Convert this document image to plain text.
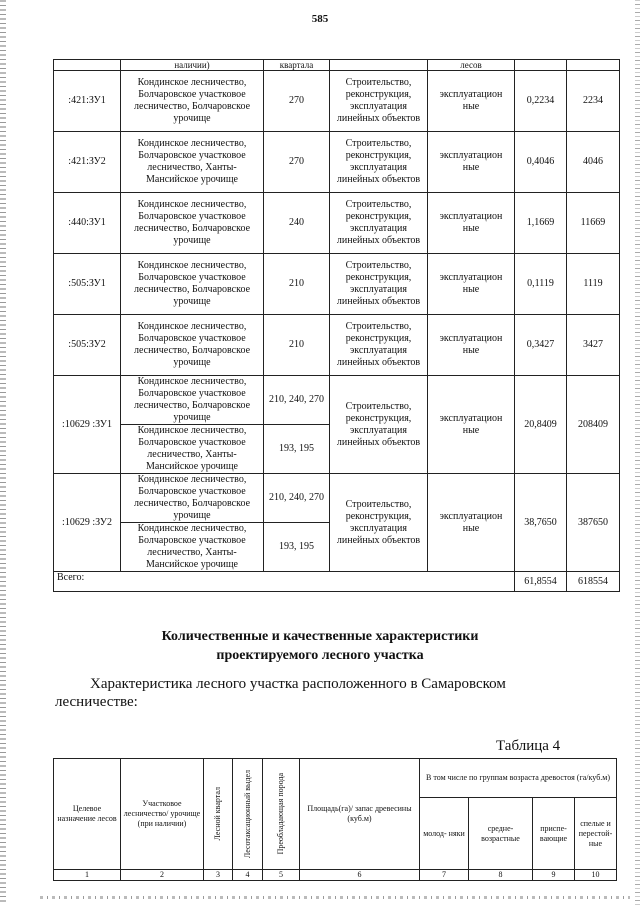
585
	наличии)	квартала		лесов		
:421:ЗУ1	Кондинское лесничество, Болчаровское участковое лесничество, Болчаровское урочище	270	Строительство, реконструкция, эксплуатация линейных объектов	эксплуатацион ные	0,2234	2234
:421:ЗУ2	Кондинское лесничество, Болчаровское участковое лесничество, Ханты-Мансийское урочище	270	Строительство, реконструкция, эксплуатация линейных объектов	эксплуатацион ные	0,4046	4046
:440:ЗУ1	Кондинское лесничество, Болчаровское участковое лесничество, Болчаровское урочище	240	Строительство, реконструкция, эксплуатация линейных объектов	эксплуатацион ные	1,1669	11669
:505:ЗУ1	Кондинское лесничество, Болчаровское участковое лесничество, Болчаровское урочище	210	Строительство, реконструкция, эксплуатация линейных объектов	эксплуатацион ные	0,1119	1119
:505:ЗУ2	Кондинское лесничество, Болчаровское участковое лесничество, Болчаровское урочище	210	Строительство, реконструкция, эксплуатация линейных объектов	эксплуатацион ные	0,3427	3427
:10629 :ЗУ1	Кондинское лесничество, Болчаровское участковое лесничество, Болчаровское урочище	210, 240, 270	Строительство, реконструкция, эксплуатация линейных объектов	эксплуатацион ные	20,8409	208409
	Кондинское лесничество, Болчаровское участковое лесничество, Ханты-Мансийское урочище	193, 195				
:10629 :ЗУ2	Кондинское лесничество, Болчаровское участковое лесничество, Болчаровское урочище	210, 240, 270	Строительство, реконструкция, эксплуатация линейных объектов	эксплуатацион ные	38,7650	387650
	Кондинское лесничество, Болчаровское участковое лесничество, Ханты-Мансийское урочище	193, 195				
Всего:					61,8554	618554
Количественные и качественные характеристики
проектируемого лесного участка
Характеристика лесного участка расположенного в Самаровском
лесничестве:
Таблица 4
Целевое назначение лесов	Участковое лесничество/ урочище (при наличии)	Лесной квартал	Лесотаксационный выдел	Преобладающая порода	Площадь(га)/ запас древесины (куб.м)	В том числе по группам возраста древостоя (га/куб.м)			
						молод- няки	средне- возрастные	приспе- вающие	спелые и перестой- ные
1	2	3	4	5	6	7	8	9	10
